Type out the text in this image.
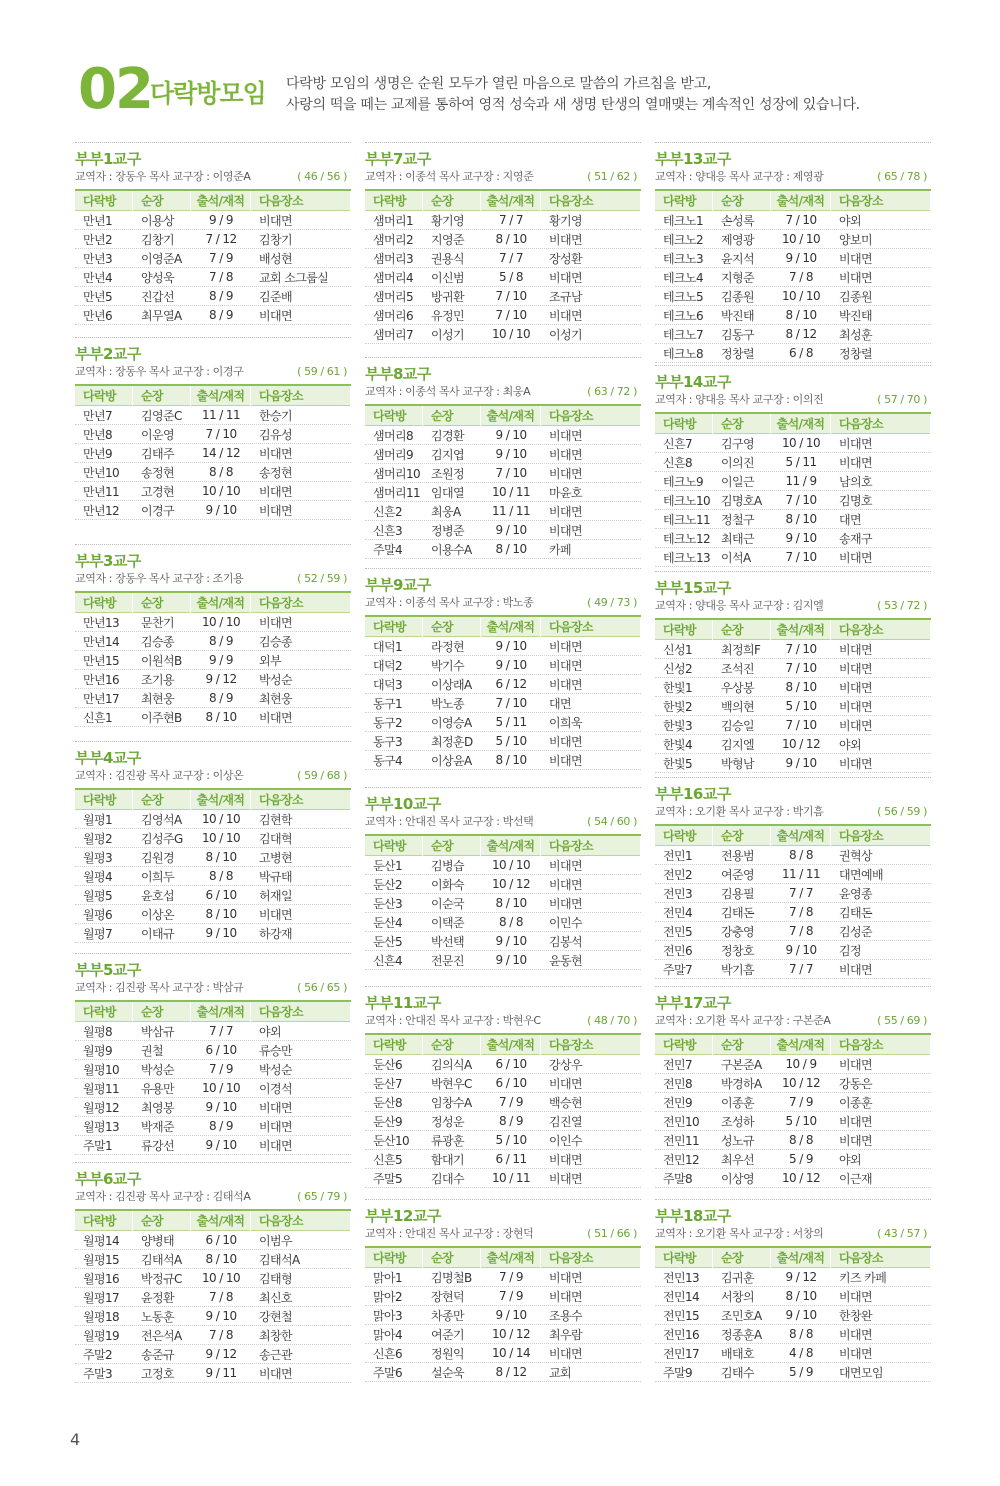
02
다락방모임 다락방 모임의 생명은 순원 모두가 열린 마음으로 말씀의 가르침을 받고,
사랑의 떡을 떼는 교제를 통하여 영적 성숙과 새 생명 탄생의 열매맺는 계속적인 성장에 있습니다.
부부1교구
교역자 : 장동우 목사 교구장 : 이영준A	( 46 / 56 )
다락방	순장	출석/재적	다음장소
만년1	이용상	9 / 9	비대면
만년2	김창기	7 / 12	김창기
만년3	이영준A	7 / 9	배성현
만년4	양성욱	7 / 8	교회 소그룹실
만년5	진갑선	8 / 9	김준배
만년6	최무열A	8 / 9	비대면
부부2교구
교역자 : 장동우 목사 교구장 : 이경구	( 59 / 61 )
다락방	순장	출석/재적	다음장소
만년7	김영준C	11 / 11	한승기
만년8	이운영	7 / 10	김유성
만년9	김태주	14 / 12	비대면
만년10	송정현	8 / 8	송정현
만년11	고경현	10 / 10	비대면
만년12	이경구	9 / 10	비대면
부부3교구
교역자 : 장동우 목사 교구장 : 조기용	( 52 / 59 )
다락방	순장	출석/재적	다음장소
만년13	문찬기	10 / 10	비대면
만년14	김승종	8 / 9	김승종
만년15	이원석B	9 / 9	외부
만년16	조기용	9 / 12	박성순
만년17	최현웅	8 / 9	최현웅
신흔1	이주현B	8 / 10	비대면
부부4교구
교역자 : 김진광 목사 교구장 : 이상온	( 59 / 68 )
다락방	순장	출석/재적	다음장소
월평1	김영석A	10 / 10	김현학
월평2	김성주G	10 / 10	김대혁
월평3	김원경	8 / 10	고병현
월평4	이희두	8 / 8	박규태
월평5	윤호섭	6 / 10	허재일
월평6	이상온	8 / 10	비대면
월평7	이태규	9 / 10	하강재
부부5교구
교역자 : 김진광 목사 교구장 : 박삼규	( 56 / 65 )
다락방	순장	출석/재적	다음장소
월평8	박삼규	7 / 7	야외
월평9	권철	6 / 10	류승만
월평10	박성순	7 / 9	박성순
월평11	유용만	10 / 10	이경석
월평12	최영봉	9 / 10	비대면
월평13	박재준	8 / 9	비대면
주말1	류강선	9 / 10	비대면
부부6교구
교역자 : 김진광 목사 교구장 : 김태석A	( 65 / 79 )
다락방	순장	출석/재적	다음장소
월평14	양병태	6 / 10	이범우
월평15	김태석A	8 / 10	김태석A
월평16	박정규C	10 / 10	김태형
월평17	윤정환	7 / 8	최신호
월평18	노동훈	9 / 10	강현철
월평19	전은석A	7 / 8	최창한
주말2	송준규	9 / 12	송근관
주말3	고정호	9 / 11	비대면
부부7교구
교역자 : 이종석 목사 교구장 : 지영준	( 51 / 62 )
다락방	순장	출석/재적	다음장소
샘머리1	황기영	7 / 7	황기영
샘머리2	지영준	8 / 10	비대면
샘머리3	권용식	7 / 7	장성환
샘머리4	이신범	5 / 8	비대면
샘머리5	방귀환	7 / 10	조규남
샘머리6	유정민	7 / 10	비대면
샘머리7	이성기	10 / 10	이성기
부부8교구
교역자 : 이종석 목사 교구장 : 최웅A	( 63 / 72 )
다락방	순장	출석/재적	다음장소
샘머리8	김경환	9 / 10	비대면
샘머리9	김지엽	9 / 10	비대면
샘머리10 조원정	7 / 10	비대면
샘머리11 임대열	10 / 11	마윤호
신흔2	최웅A	11 / 11	비대면
신흔3	정병준	9 / 10	비대면
주말4	이용수A	8 / 10	카페
부부9교구
교역자 : 이종석 목사 교구장 : 박노종	( 49 / 73 )
다락방	순장	출석/재적	다음장소
대덕1	라정현	9 / 10	비대면
대덕2	박기수	9 / 10	비대면
대덕3	이상래A	6 / 12	비대면
동구1	박노종	7 / 10	대면
동구2	이영승A	5 / 11	이희욱
동구3	최정훈D	5 / 10	비대면
동구4	이상윤A	8 / 10	비대면
부부10교구
교역자 : 안대진 목사 교구장 : 박선택	( 54 / 60 )
다락방	순장	출석/재적	다음장소
둔산1	김병습	10 / 10	비대면
둔산2	이화숙	10 / 12	비대면
둔산3	이순국	8 / 10	비대면
둔산4	이택준	8 / 8	이민수
둔산5	박선택	9 / 10	김봉석
신흔4	전문진	9 / 10	윤동현
부부11교구
교역자 : 안대진 목사 교구장 : 박현우C	( 48 / 70 )
다락방	순장	출석/재적	다음장소
둔산6	김의식A	6 / 10	강상우
둔산7	박현우C	6 / 10	비대면
둔산8	임창수A	7 / 9	백승현
둔산9	정성운	8 / 9	김진열
둔산10	류광훈	5 / 10	이인수
신흔5	함대기	6 / 11	비대면
주말5	김대수	10 / 11	비대면
부부12교구
교역자 : 안대진 목사 교구장 : 장현덕	( 51 / 66 )
다락방	순장	출석/재적	다음장소
맑아1	김명철B	7 / 9	비대면
맑아2	장현덕	7 / 9	비대면
맑아3	차종만	9 / 10	조용수
맑아4	여준기	10 / 12	최우람
신흔6	정원익	10 / 14	비대면
주말6	설순욱	8 / 12	교회
부부13교구
교역자 : 양대응 목사 교구장 : 제영광	( 65 / 78 )
다락방	순장	출석/재적	다음장소
테크노1	손성록	7 / 10	야외
테크노2	제영광	10 / 10	양보미
테크노3	윤지석	9 / 10	비대면
테크노4	지형준	7 / 8	비대면
테크노5	김종원	10 / 10	김종원
테크노6	박진태	8 / 10	박진태
테크노7	김동구	8 / 12	최성훈
테크노8	정창렬	6 / 8	정창렬
부부14교구
교역자 : 양대응 목사 교구장 : 이의진	( 57 / 70 )
다락방	순장	출석/재적	다음장소
신흔7	김구영	10 / 10	비대면
신흔8	이의진	5 / 11	비대면
테크노9	이일근	11 / 9	남의호
테크노10 김명호A	7 / 10	김명호
테크노11 정철구	8 / 10	대면
테크노12 최태근	9 / 10	송재구
테크노13 이석A	7 / 10	비대면
부부15교구
교역자 : 양대응 목사 교구장 : 김지엘	( 53 / 72 )
다락방	순장	출석/재적	다음장소
신성1	최정희F	7 / 10	비대면
신성2	조석진	7 / 10	비대면
한빛1	우상봉	8 / 10	비대면
한빛2	백의현	5 / 10	비대면
한빛3	김승일	7 / 10	비대면
한빛4	김지엘	10 / 12	야외
한빛5	박형남	9 / 10	비대면
부부16교구
교역자 : 오기환 목사 교구장 : 박기흠	( 56 / 59 )
다락방	순장	출석/재적	다음장소
전민1	전용범	8 / 8	권혁상
전민2	여준영	11 / 11	대면예배
전민3	김용필	7 / 7	윤영종
전민4	김태돈	7 / 8	김태돈
전민5	강충영	7 / 8	김성준
전민6	정창호	9 / 10	김정
주말7	박기흠	7 / 7	비대면
부부17교구
교역자 : 오기환 목사 교구장 : 구본준A	( 55 / 69 )
다락방	순장	출석/재적	다음장소
전민7	구본준A	10 / 9	비대면
전민8	박경하A	10 / 12	강동은
전민9	이종훈	7 / 9	이종훈
전민10	조성하	5 / 10	비대면
전민11	성노규	8 / 8	비대면
전민12	최우선	5 / 9	야외
주말8	이상영	10 / 12	이근재
부부18교구
교역자 : 오기환 목사 교구장 : 서창의	( 43 / 57 )
다락방	순장	출석/재적	다음장소
전민13	김귀훈	9 / 12	키즈 카페
전민14	서창의	8 / 10	비대면
전민15	조민호A	9 / 10	한창완
전민16	정종훈A	8 / 8	비대면
전민17	배태호	4 / 8	비대면
주말9	김태수	5 / 9	대면모임
4
